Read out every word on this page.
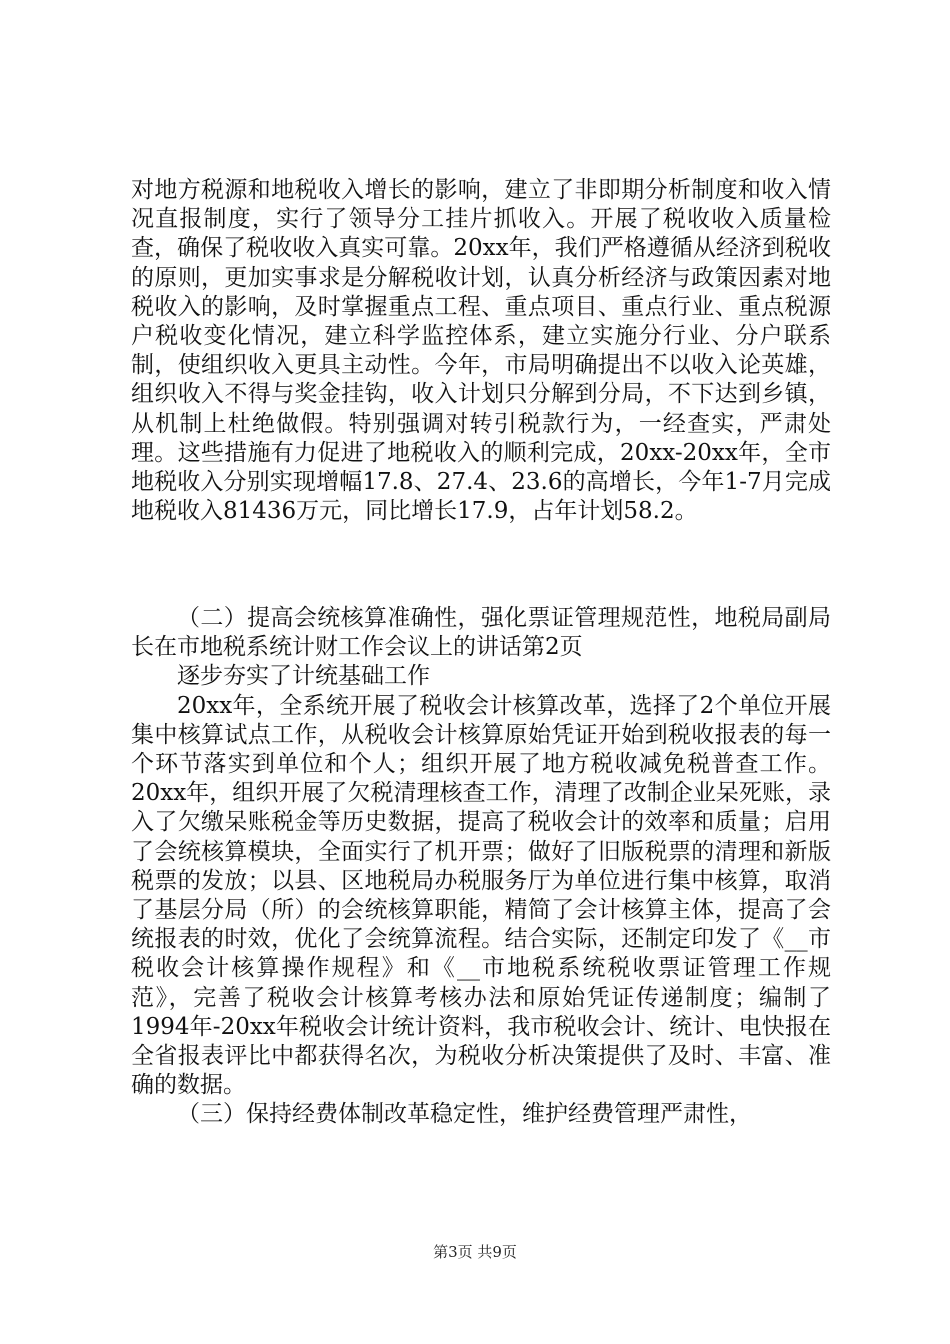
对地方税源和地税收入增长的影响，建立了非即期分析制度和收入情况直报制度，实行了领导分工挂片抓收入。开展了税收收入质量检查，确保了税收收入真实可靠。20xx年，我们严格遵循从经济到税收的原则，更加实事求是分解税收计划，认真分析经济与政策因素对地税收入的影响，及时掌握重点工程、重点项目、重点行业、重点税源户税收变化情况，建立科学监控体系，建立实施分行业、分户联系制，使组织收入更具主动性。今年，市局明确提出不以收入论英雄，组织收入不得与奖金挂钩，收入计划只分解到分局，不下达到乡镇，从机制上杜绝做假。特别强调对转引税款行为，一经查实，严肃处理。这些措施有力促进了地税收入的顺利完成，20xx-20xx年，全市地税收入分别实现增幅17.8、27.4、23.6的高增长，今年1-7月完成地税收入81436万元，同比增长17.9，占年计划58.2。

（二）提高会统核算准确性，强化票证管理规范性，地税局副局长在市地税系统计财工作会议上的讲话第2页

逐步夯实了计统基础工作

20xx年，全系统开展了税收会计核算改革，选择了2个单位开展集中核算试点工作，从税收会计核算原始凭证开始到税收报表的每一个环节落实到单位和个人；组织开展了地方税收减免税普查工作。20xx年，组织开展了欠税清理核查工作，清理了改制企业呆死账，录入了欠缴呆账税金等历史数据，提高了税收会计的效率和质量；启用了会统核算模块，全面实行了机开票；做好了旧版税票的清理和新版税票的发放；以县、区地税局办税服务厅为单位进行集中核算，取消了基层分局（所）的会统核算职能，精简了会计核算主体，提高了会统报表的时效，优化了会统算流程。结合实际，还制定印发了《__市税收会计核算操作规程》和《__市地税系统税收票证管理工作规范》，完善了税收会计核算考核办法和原始凭证传递制度；编制了1994年-20xx年税收会计统计资料，我市税收会计、统计、电快报在全省报表评比中都获得名次，为税收分析决策提供了及时、丰富、准确的数据。

（三）保持经费体制改革稳定性，维护经费管理严肃性，

第3页 共9页
